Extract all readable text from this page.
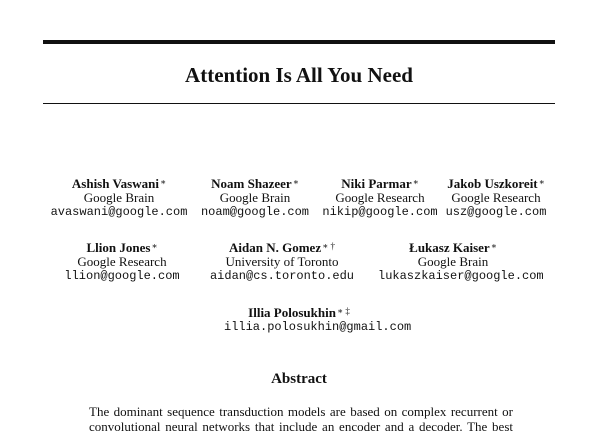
Attention Is All You Need
Ashish Vaswani∗
Google Brain
avaswani@google.com
Noam Shazeer∗
Google Brain
noam@google.com
Niki Parmar∗
Google Research
nikip@google.com
Jakob Uszkoreit∗
Google Research
usz@google.com
Llion Jones∗
Google Research
llion@google.com
Aidan N. Gomez∗ †
University of Toronto
aidan@cs.toronto.edu
Łukasz Kaiser∗
Google Brain
lukaszkaiser@google.com
Illia Polosukhin∗ ‡
illia.polosukhin@gmail.com
Abstract
The dominant sequence transduction models are based on complex recurrent or
convolutional neural networks that include an encoder and a decoder. The best
